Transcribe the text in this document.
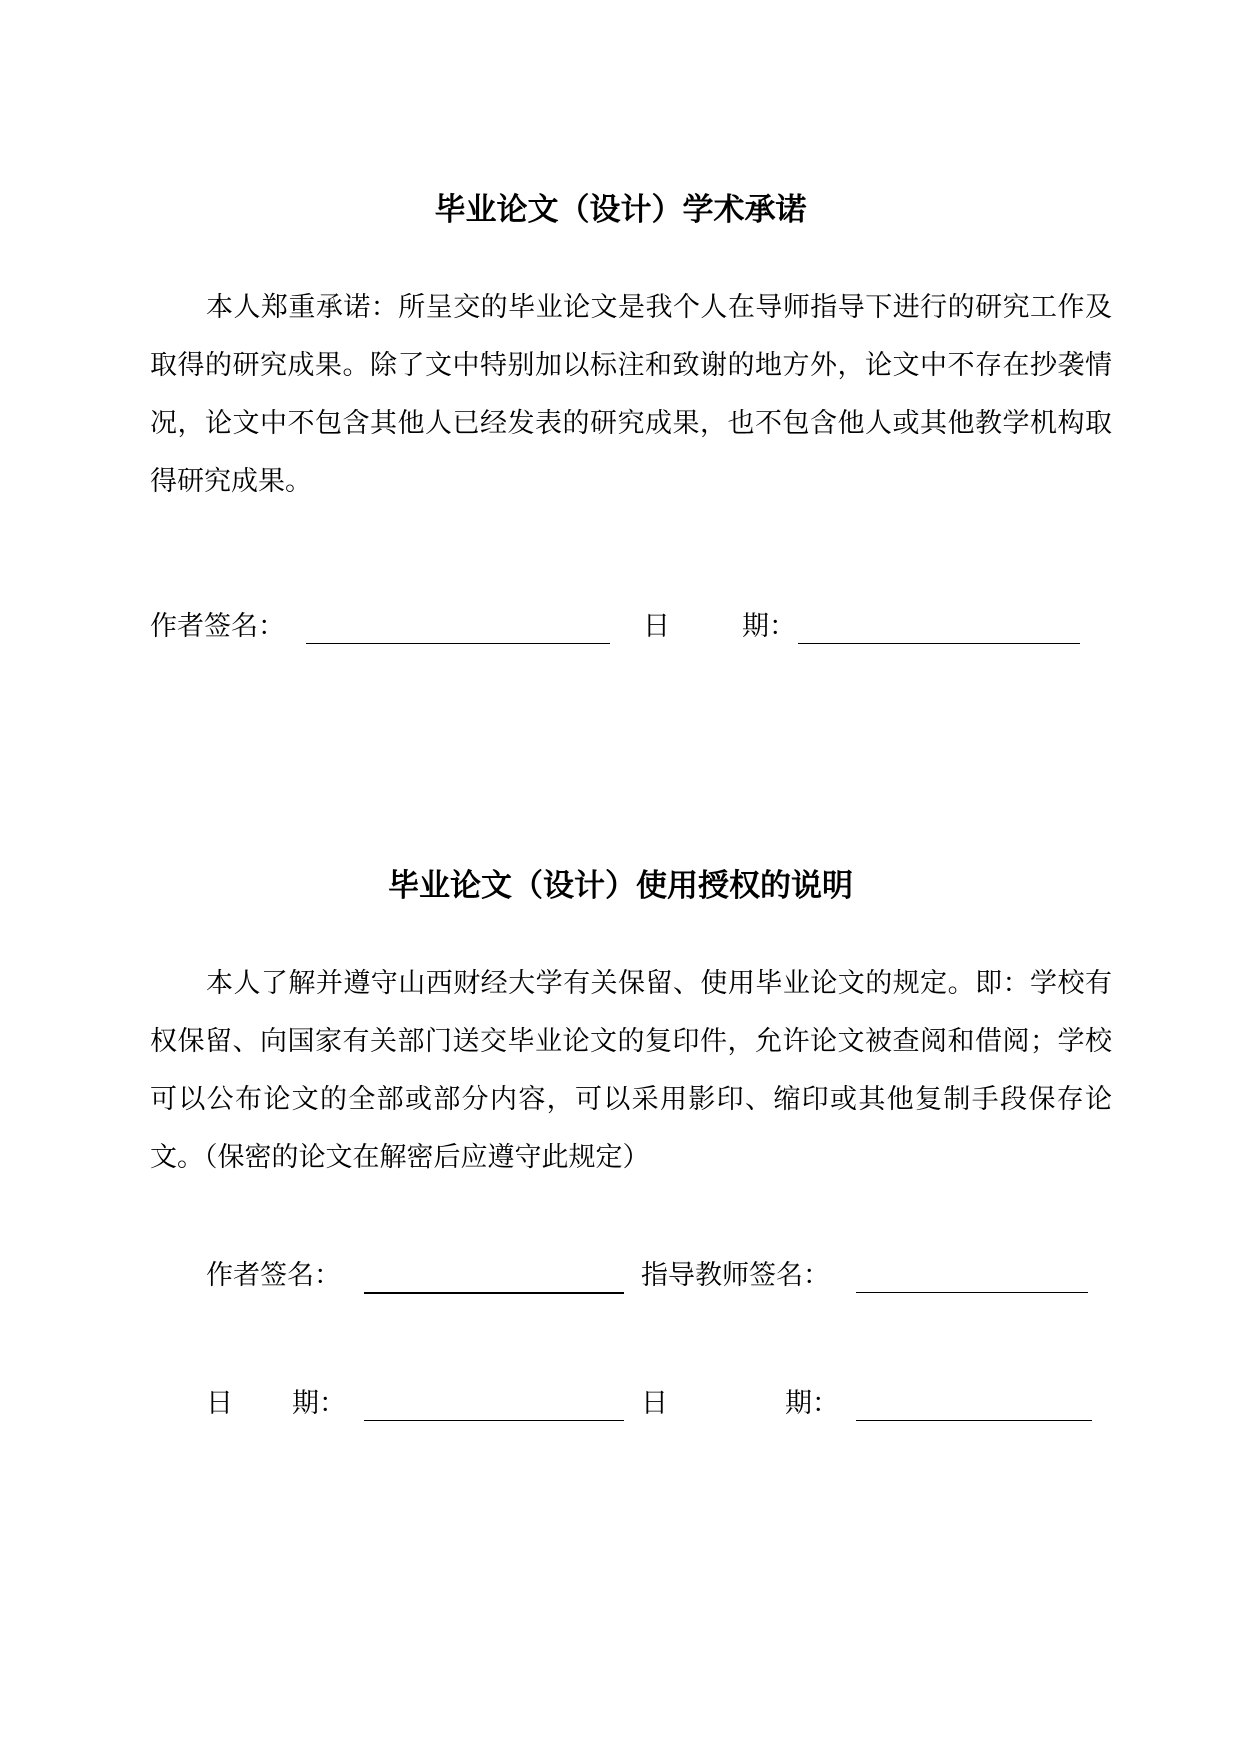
毕业论文（设计）学术承诺

本人郑重承诺：所呈交的毕业论文是我个人在导师指导下进行的研究工作及取得的研究成果。除了文中特别加以标注和致谢的地方外，论文中不存在抄袭情况，论文中不包含其他人已经发表的研究成果，也不包含他人或其他教学机构取得研究成果。

作者签名：	日	期：
毕业论文（设计）使用授权的说明

本人了解并遵守山西财经大学有关保留、使用毕业论文的规定。即：学校有权保留、向国家有关部门送交毕业论文的复印件，允许论文被查阅和借阅；学校可以公布论文的全部或部分内容，可以采用影印、缩印或其他复制手段保存论文。（保密的论文在解密后应遵守此规定）

作者签名：	指导教师签名：
日 期：	日	期：
